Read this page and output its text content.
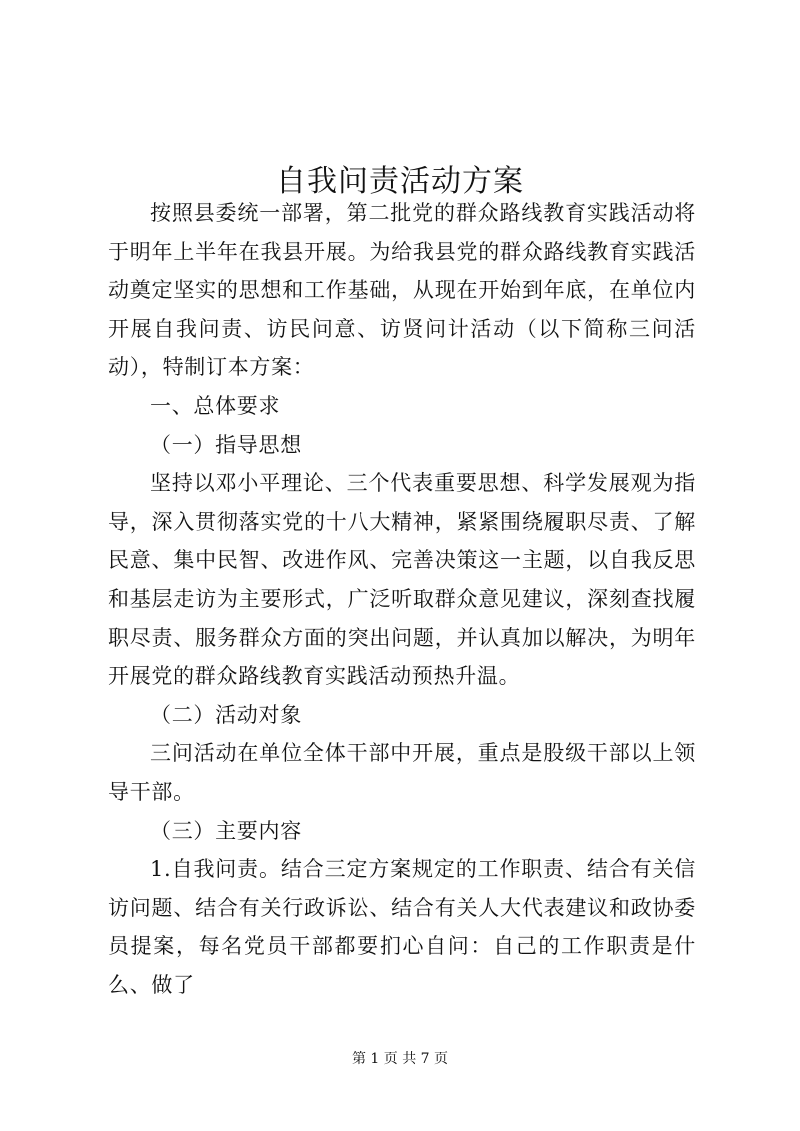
自我问责活动方案

按照县委统一部署，第二批党的群众路线教育实践活动将于明年上半年在我县开展。为给我县党的群众路线教育实践活动奠定坚实的思想和工作基础，从现在开始到年底，在单位内开展自我问责、访民问意、访贤问计活动（以下简称三问活动），特制订本方案：

一、总体要求

（一）指导思想

坚持以邓小平理论、三个代表重要思想、科学发展观为指导，深入贯彻落实党的十八大精神，紧紧围绕履职尽责、了解民意、集中民智、改进作风、完善决策这一主题，以自我反思和基层走访为主要形式，广泛听取群众意见建议，深刻查找履职尽责、服务群众方面的突出问题，并认真加以解决，为明年开展党的群众路线教育实践活动预热升温。

（二）活动对象

三问活动在单位全体干部中开展，重点是股级干部以上领导干部。

（三）主要内容

1.自我问责。结合三定方案规定的工作职责、结合有关信访问题、结合有关行政诉讼、结合有关人大代表建议和政协委员提案，每名党员干部都要扪心自问：自己的工作职责是什么、做了

第 1 页 共 7 页
